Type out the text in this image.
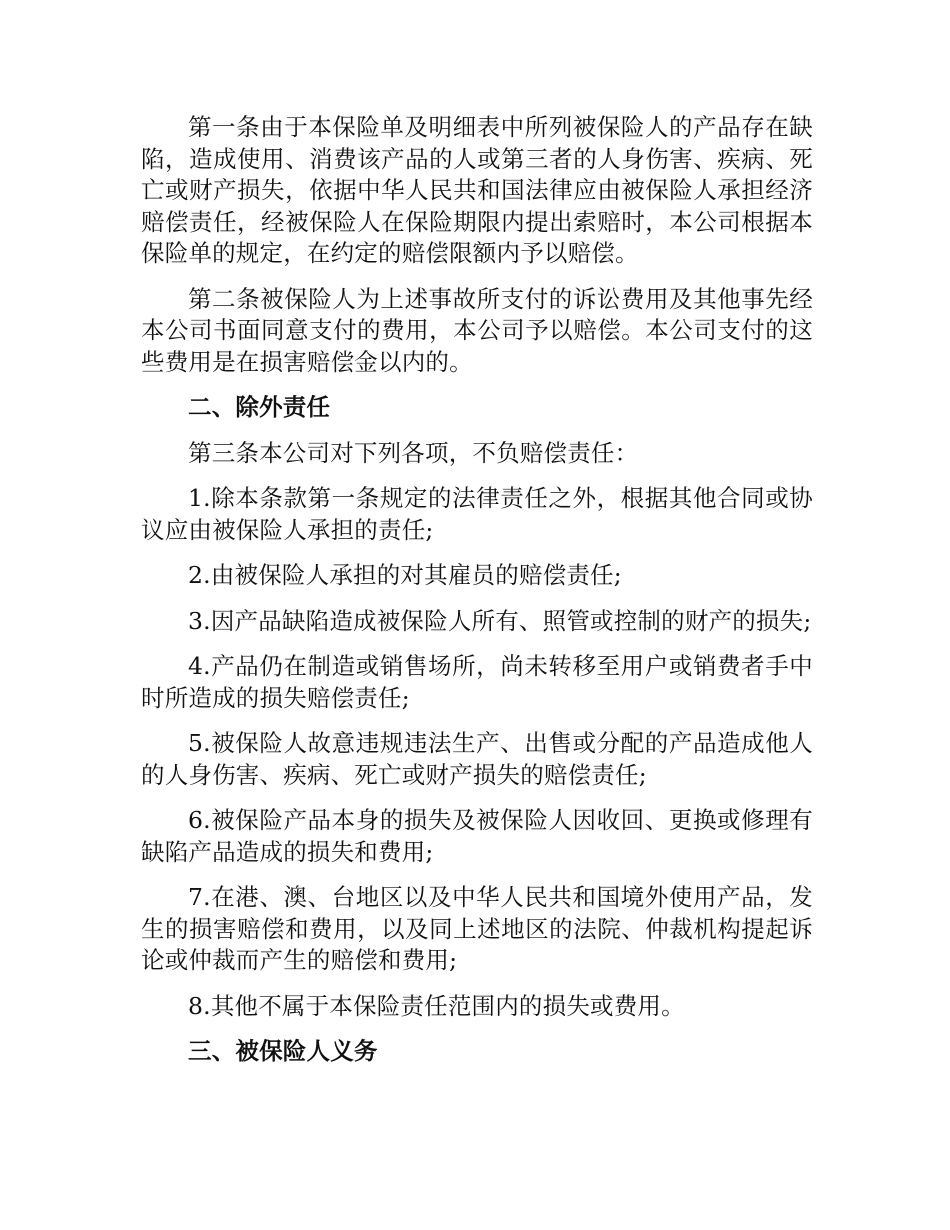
第一条由于本保险单及明细表中所列被保险人的产品存在缺陷，造成使用、消费该产品的人或第三者的人身伤害、疾病、死亡或财产损失，依据中华人民共和国法律应由被保险人承担经济赔偿责任，经被保险人在保险期限内提出索赔时，本公司根据本保险单的规定，在约定的赔偿限额内予以赔偿。

第二条被保险人为上述事故所支付的诉讼费用及其他事先经本公司书面同意支付的费用，本公司予以赔偿。本公司支付的这些费用是在损害赔偿金以内的。

二、除外责任

第三条本公司对下列各项，不负赔偿责任：

1.除本条款第一条规定的法律责任之外，根据其他合同或协议应由被保险人承担的责任;

2.由被保险人承担的对其雇员的赔偿责任;

3.因产品缺陷造成被保险人所有、照管或控制的财产的损失;

4.产品仍在制造或销售场所，尚未转移至用户或销费者手中时所造成的损失赔偿责任;

5.被保险人故意违规违法生产、出售或分配的产品造成他人的人身伤害、疾病、死亡或财产损失的赔偿责任;

6.被保险产品本身的损失及被保险人因收回、更换或修理有缺陷产品造成的损失和费用;

7.在港、澳、台地区以及中华人民共和国境外使用产品，发生的损害赔偿和费用，以及同上述地区的法院、仲裁机构提起诉论或仲裁而产生的赔偿和费用;

8.其他不属于本保险责任范围内的损失或费用。

三、被保险人义务
